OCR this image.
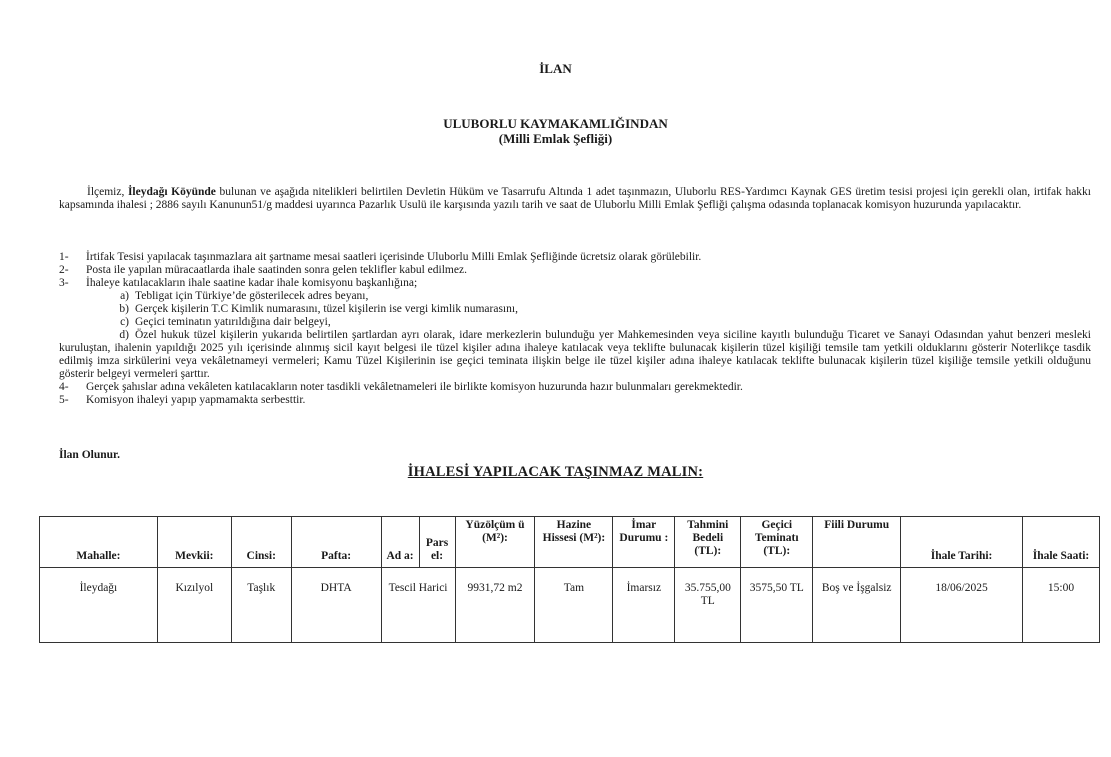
İLAN
ULUBORLU KAYMAKAMLIĞINDAN
(Milli Emlak Şefliği)
İlçemiz, İleydağı Köyünde bulunan ve aşağıda nitelikleri belirtilen Devletin Hüküm ve Tasarrufu Altında 1 adet taşınmazın, Uluborlu RES-Yardımcı Kaynak GES üretim tesisi projesi için gerekli olan, irtifak hakkı kapsamında ihalesi ; 2886 sayılı Kanunun51/g maddesi uyarınca Pazarlık Usulü ile karşısında yazılı tarih ve saat de Uluborlu Milli Emlak Şefliği çalışma odasında toplanacak komisyon huzurunda yapılacaktır.
1-	İrtifak Tesisi yapılacak taşınmazlara ait şartname mesai saatleri içerisinde Uluborlu Milli Emlak Şefliğinde ücretsiz olarak görülebilir.
2-	Posta ile yapılan müracaatlarda ihale saatinden sonra gelen teklifler kabul edilmez.
3-	İhaleye katılacakların ihale saatine kadar ihale komisyonu başkanlığına;
a) Tebligat için Türkiye’de gösterilecek adres beyanı,
b) Gerçek kişilerin T.C Kimlik numarasını, tüzel kişilerin ise vergi kimlik numarasını,
c) Geçici teminatın yatırıldığına dair belgeyi,
d) Özel hukuk tüzel kişilerin yukarıda belirtilen şartlardan ayrı olarak, idare merkezlerin bulunduğu yer Mahkemesinden veya siciline kayıtlı bulunduğu Ticaret ve Sanayi Odasından yahut benzeri mesleki kuruluştan, ihalenin yapıldığı 2025 yılı içerisinde alınmış sicil kayıt belgesi ile tüzel kişiler adına ihaleye katılacak veya teklifte bulunacak kişilerin tüzel kişiliği temsile tam yetkili olduklarını gösterir Noterlikçe tasdik edilmiş imza sirkülerini veya vekâletnameyi vermeleri; Kamu Tüzel Kişilerinin ise geçici teminata ilişkin belge ile tüzel kişiler adına ihaleye katılacak teklifte bulunacak kişilerin tüzel kişiliğe temsile yetkili olduğunu gösterir belgeyi vermeleri şarttır.
4-	Gerçek şahıslar adına vekâleten katılacakların noter tasdikli vekâletnameleri ile birlikte komisyon huzurunda hazır bulunmaları gerekmektedir.
5-	Komisyon ihaleyi yapıp yapmamakta serbesttir.
İlan Olunur.
İHALESİ YAPILACAK TAŞINMAZ MALIN:
Mahalle:	Mevkii:	Cinsi:	Pafta:	Ad a:	Pars el:	Yüzölçüm ü (M²):	Hazine Hissesi (M²):	İmar Durumu :	Tahmini Bedeli (TL):	Geçici Teminatı (TL):	Fiili Durumu	İhale Tarihi:	İhale Saati:
İleydağı	Kızılyol	Taşlık	DHTA	Tescil Harici		9931,72 m2	Tam	İmarsız	35.755,00 TL	3575,50 TL	Boş ve İşgalsiz	18/06/2025	15:00
